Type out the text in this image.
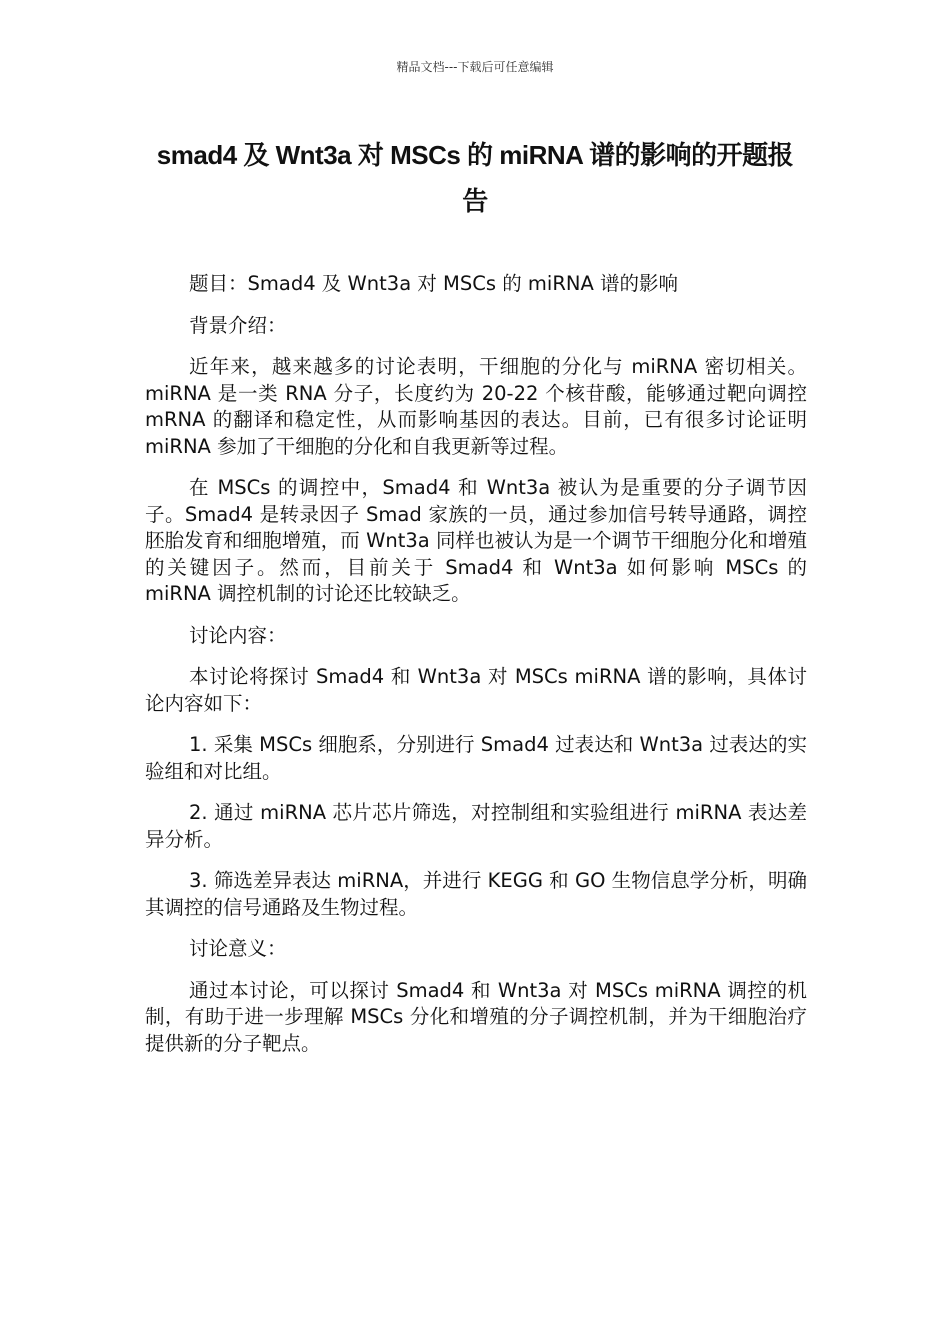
精品文档---下载后可任意编辑
smad4 及 Wnt3a 对 MSCs 的 miRNA 谱的影响的开题报告

题目：Smad4 及 Wnt3a 对 MSCs 的 miRNA 谱的影响

背景介绍：

近年来，越来越多的讨论表明，干细胞的分化与 miRNA 密切相关。miRNA 是一类 RNA 分子，长度约为 20-22 个核苷酸，能够通过靶向调控 mRNA 的翻译和稳定性，从而影响基因的表达。目前，已有很多讨论证明 miRNA 参加了干细胞的分化和自我更新等过程。

在 MSCs 的调控中，Smad4 和 Wnt3a 被认为是重要的分子调节因子。Smad4 是转录因子 Smad 家族的一员，通过参加信号转导通路，调控胚胎发育和细胞增殖，而 Wnt3a 同样也被认为是一个调节干细胞分化和增殖的关键因子。然而，目前关于 Smad4 和 Wnt3a 如何影响 MSCs 的 miRNA 调控机制的讨论还比较缺乏。

讨论内容：

本讨论将探讨 Smad4 和 Wnt3a 对 MSCs miRNA 谱的影响，具体讨论内容如下：

1. 采集 MSCs 细胞系，分别进行 Smad4 过表达和 Wnt3a 过表达的实验组和对比组。

2. 通过 miRNA 芯片芯片筛选，对控制组和实验组进行 miRNA 表达差异分析。

3. 筛选差异表达 miRNA，并进行 KEGG 和 GO 生物信息学分析，明确其调控的信号通路及生物过程。

讨论意义：

通过本讨论，可以探讨 Smad4 和 Wnt3a 对 MSCs miRNA 调控的机制，有助于进一步理解 MSCs 分化和增殖的分子调控机制，并为干细胞治疗提供新的分子靶点。
